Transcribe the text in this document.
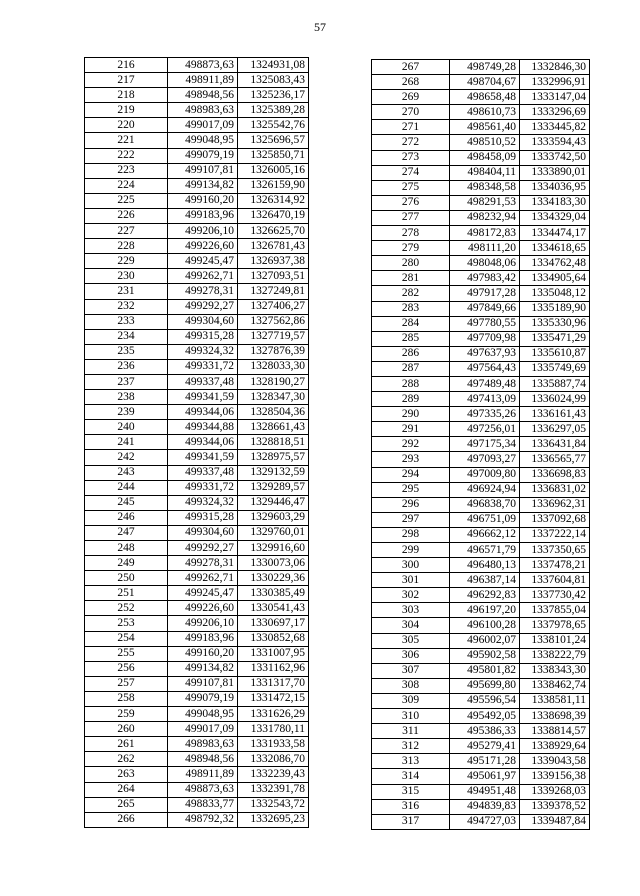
57
216	498873,63	1324931,08
217	498911,89	1325083,43
218	498948,56	1325236,17
219	498983,63	1325389,28
220	499017,09	1325542,76
221	499048,95	1325696,57
222	499079,19	1325850,71
223	499107,81	1326005,16
224	499134,82	1326159,90
225	499160,20	1326314,92
226	499183,96	1326470,19
227	499206,10	1326625,70
228	499226,60	1326781,43
229	499245,47	1326937,38
230	499262,71	1327093,51
231	499278,31	1327249,81
232	499292,27	1327406,27
233	499304,60	1327562,86
234	499315,28	1327719,57
235	499324,32	1327876,39
236	499331,72	1328033,30
237	499337,48	1328190,27
238	499341,59	1328347,30
239	499344,06	1328504,36
240	499344,88	1328661,43
241	499344,06	1328818,51
242	499341,59	1328975,57
243	499337,48	1329132,59
244	499331,72	1329289,57
245	499324,32	1329446,47
246	499315,28	1329603,29
247	499304,60	1329760,01
248	499292,27	1329916,60
249	499278,31	1330073,06
250	499262,71	1330229,36
251	499245,47	1330385,49
252	499226,60	1330541,43
253	499206,10	1330697,17
254	499183,96	1330852,68
255	499160,20	1331007,95
256	499134,82	1331162,96
257	499107,81	1331317,70
258	499079,19	1331472,15
259	499048,95	1331626,29
260	499017,09	1331780,11
261	498983,63	1331933,58
262	498948,56	1332086,70
263	498911,89	1332239,43
264	498873,63	1332391,78
265	498833,77	1332543,72
266	498792,32	1332695,23
267	498749,28	1332846,30
268	498704,67	1332996,91
269	498658,48	1333147,04
270	498610,73	1333296,69
271	498561,40	1333445,82
272	498510,52	1333594,43
273	498458,09	1333742,50
274	498404,11	1333890,01
275	498348,58	1334036,95
276	498291,53	1334183,30
277	498232,94	1334329,04
278	498172,83	1334474,17
279	498111,20	1334618,65
280	498048,06	1334762,48
281	497983,42	1334905,64
282	497917,28	1335048,12
283	497849,66	1335189,90
284	497780,55	1335330,96
285	497709,98	1335471,29
286	497637,93	1335610,87
287	497564,43	1335749,69
288	497489,48	1335887,74
289	497413,09	1336024,99
290	497335,26	1336161,43
291	497256,01	1336297,05
292	497175,34	1336431,84
293	497093,27	1336565,77
294	497009,80	1336698,83
295	496924,94	1336831,02
296	496838,70	1336962,31
297	496751,09	1337092,68
298	496662,12	1337222,14
299	496571,79	1337350,65
300	496480,13	1337478,21
301	496387,14	1337604,81
302	496292,83	1337730,42
303	496197,20	1337855,04
304	496100,28	1337978,65
305	496002,07	1338101,24
306	495902,58	1338222,79
307	495801,82	1338343,30
308	495699,80	1338462,74
309	495596,54	1338581,11
310	495492,05	1338698,39
311	495386,33	1338814,57
312	495279,41	1338929,64
313	495171,28	1339043,58
314	495061,97	1339156,38
315	494951,48	1339268,03
316	494839,83	1339378,52
317	494727,03	1339487,84
